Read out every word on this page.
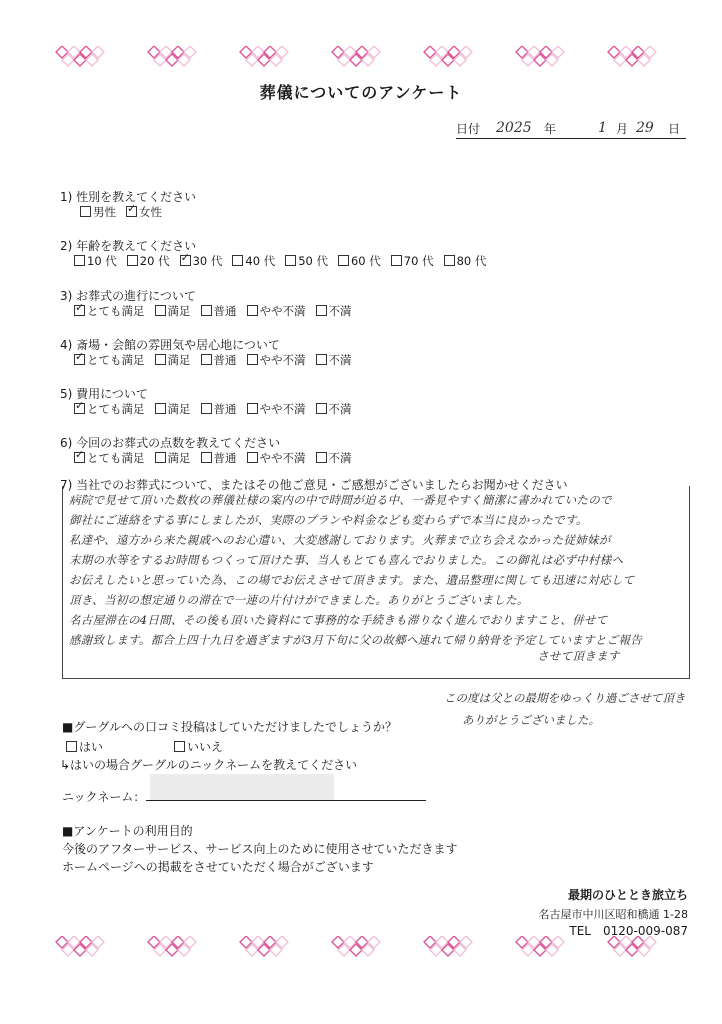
葬儀についてのアンケート
日付 2025 年	1 月 29 日
1) 性別を教えてください
男性 ✓ 女性
2) 年齢を教えてください
10 代 20 代 ✓ 30 代 40 代 50 代 60 代 70 代 80 代
3) お葬式の進行について
✓とても満足 満足 普通 やや不満 不満
4) 斎場・会館の雰囲気や居心地について
✓とても満足 満足 普通 やや不満 不満
5) 費用について
✓とても満足 満足 普通 やや不満 不満
6) 今回のお葬式の点数を教えてください
✓とても満足 満足 普通 やや不満 不満
7) 当社でのお葬式について、またはその他ご意見・ご感想がございましたらお聞かせください
病院で見せて頂いた数枚の葬儀社様の案内の中で時間が迫る中、一番見やすく簡潔に書かれていたので
御社にご連絡をする事にしましたが、実際のプランや料金なども変わらずで本当に良かったです。
私達や、遠方から来た親戚へのお心遣い、大変感謝しております。火葬まで立ち会えなかった従姉妹が
末期の水等をするお時間もつくって頂けた事、当人もとても喜んでおりました。この御礼は必ず中村様へ
お伝えしたいと思っていた為、この場でお伝えさせて頂きます。また、遺品整理に関しても迅速に対応して
頂き、当初の想定通りの滞在で一連の片付けができました。ありがとうございました。
名古屋滞在の4日間、その後も頂いた資料にて事務的な手続きも滞りなく進んでおりますこと、併せて
感謝致します。都合上四十九日を過ぎますが3月下旬に父の故郷へ連れて帰り納骨を予定していますとご報告
させて頂きます
この度は父との最期をゆっくり過ごさせて頂き
ありがとうございました。
■グーグルへの口コミ投稿はしていただけましたでしょうか？
はい	いいえ
↳はいの場合グーグルのニックネームを教えてください
ニックネーム：
■アンケートの利用目的
今後のアフターサービス、サービス向上のために使用させていただきます
ホームページへの掲載をさせていただく場合がございます
最期のひととき旅立ち
名古屋市中川区昭和橋通 1-28
TEL　0120-009-087
